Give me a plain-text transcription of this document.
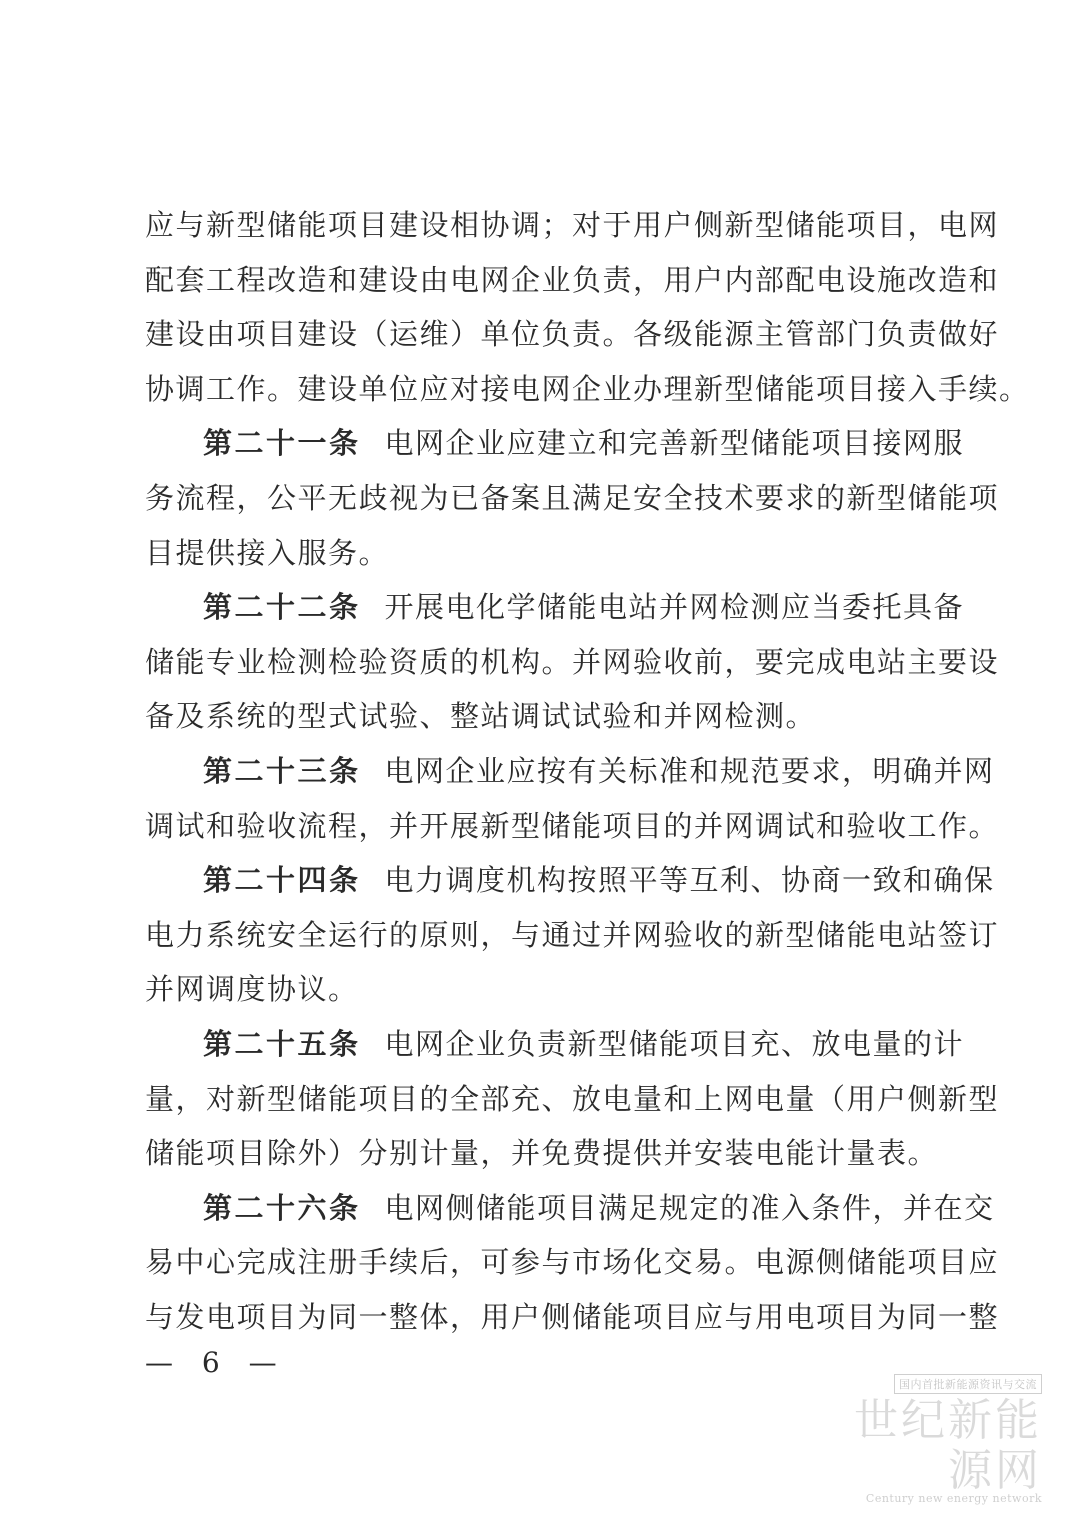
应与新型储能项目建设相协调；对于用户侧新型储能项目，电网
配套工程改造和建设由电网企业负责，用户内部配电设施改造和
建设由项目建设（运维）单位负责。各级能源主管部门负责做好
协调工作。建设单位应对接电网企业办理新型储能项目接入手续。
第二十一条 电网企业应建立和完善新型储能项目接网服
务流程，公平无歧视为已备案且满足安全技术要求的新型储能项
目提供接入服务。
第二十二条 开展电化学储能电站并网检测应当委托具备
储能专业检测检验资质的机构。并网验收前，要完成电站主要设
备及系统的型式试验、整站调试试验和并网检测。
第二十三条 电网企业应按有关标准和规范要求，明确并网
调试和验收流程，并开展新型储能项目的并网调试和验收工作。
第二十四条 电力调度机构按照平等互利、协商一致和确保
电力系统安全运行的原则，与通过并网验收的新型储能电站签订
并网调度协议。
第二十五条 电网企业负责新型储能项目充、放电量的计
量，对新型储能项目的全部充、放电量和上网电量（用户侧新型
储能项目除外）分别计量，并免费提供并安装电能计量表。
第二十六条 电网侧储能项目满足规定的准入条件，并在交
易中心完成注册手续后，可参与市场化交易。电源侧储能项目应
与发电项目为同一整体，用户侧储能项目应与用电项目为同一整
— 6 —
国内首批新能源资讯与交流
世纪新能源网
Century new energy network
